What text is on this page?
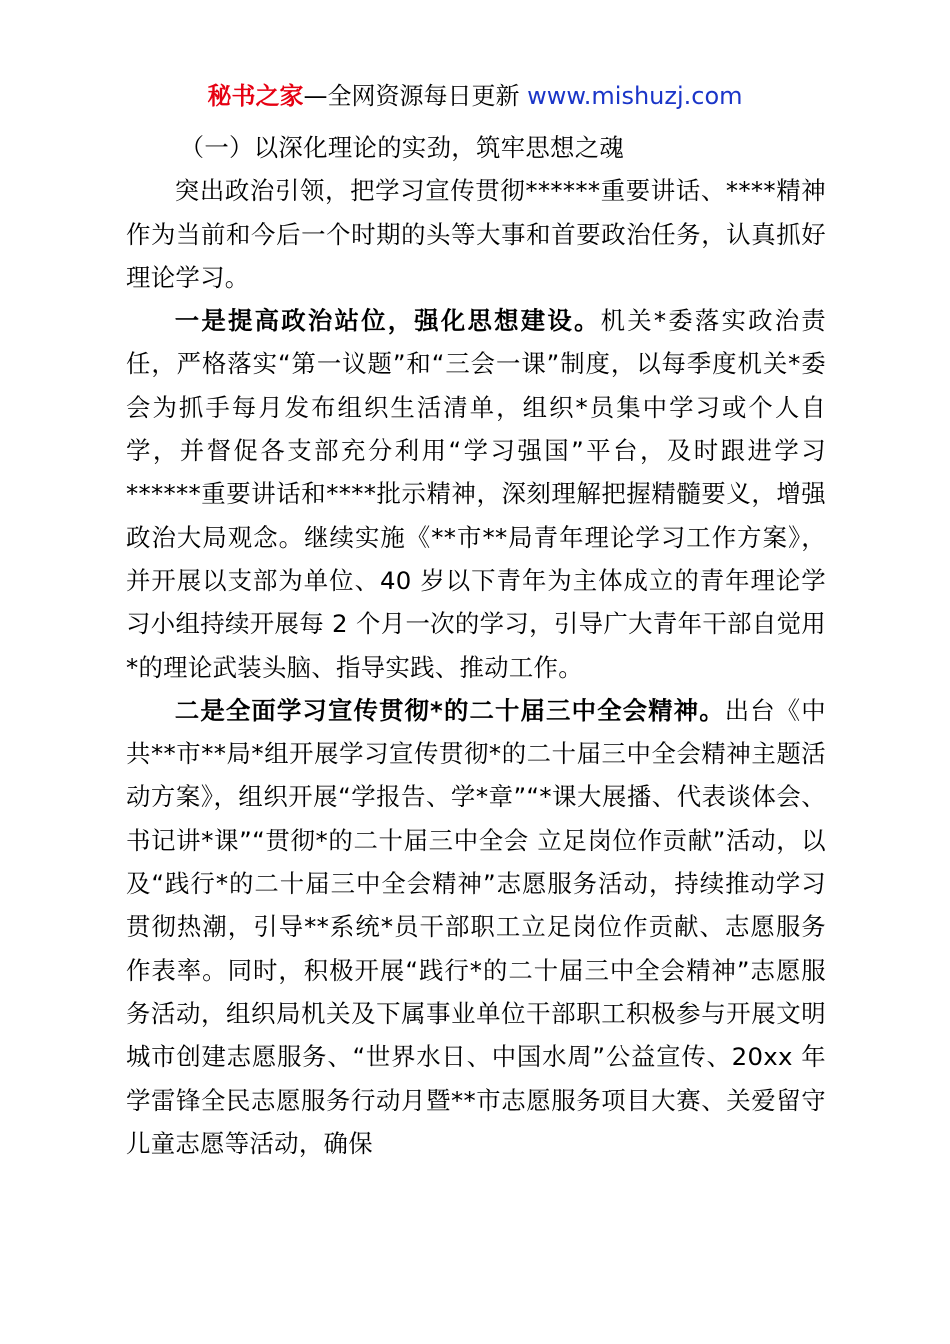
秘书之家—全网资源每日更新 www.mishuzj.com

（一）以深化理论的实劲，筑牢思想之魂

突出政治引领，把学习宣传贯彻******重要讲话、****精神作为当前和今后一个时期的头等大事和首要政治任务，认真抓好理论学习。

一是提高政治站位，强化思想建设。机关*委落实政治责任，严格落实“第一议题”和“三会一课”制度，以每季度机关*委会为抓手每月发布组织生活清单，组织*员集中学习或个人自学，并督促各支部充分利用“学习强国”平台，及时跟进学习******重要讲话和****批示精神，深刻理解把握精髓要义，增强政治大局观念。继续实施《**市**局青年理论学习工作方案》，并开展以支部为单位、40 岁以下青年为主体成立的青年理论学习小组持续开展每 2 个月一次的学习，引导广大青年干部自觉用*的理论武装头脑、指导实践、推动工作。

二是全面学习宣传贯彻*的二十届三中全会精神。出台《中共**市**局*组开展学习宣传贯彻*的二十届三中全会精神主题活动方案》，组织开展“学报告、学*章”“*课大展播、代表谈体会、书记讲*课”“贯彻*的二十届三中全会 立足岗位作贡献”活动，以及“践行*的二十届三中全会精神”志愿服务活动，持续推动学习贯彻热潮，引导**系统*员干部职工立足岗位作贡献、志愿服务作表率。同时，积极开展“践行*的二十届三中全会精神”志愿服务活动，组织局机关及下属事业单位干部职工积极参与开展文明城市创建志愿服务、“世界水日、中国水周”公益宣传、20xx 年学雷锋全民志愿服务行动月暨**市志愿服务项目大赛、关爱留守儿童志愿等活动，确保
